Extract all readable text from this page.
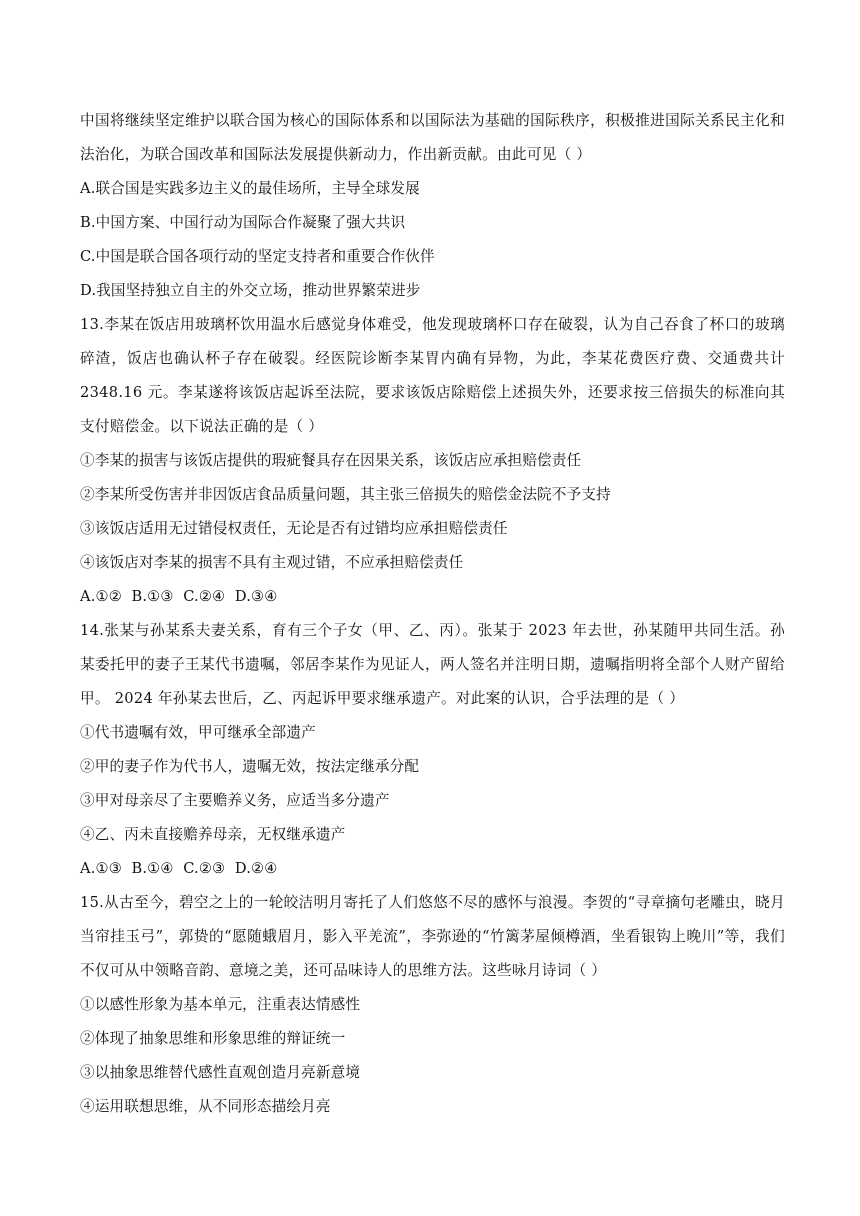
中国将继续坚定维护以联合国为核心的国际体系和以国际法为基础的国际秩序，积极推进国际关系民主化和法治化，为联合国改革和国际法发展提供新动力，作出新贡献。由此可见（ ）
A.联合国是实践多边主义的最佳场所，主导全球发展
B.中国方案、中国行动为国际合作凝聚了强大共识
C.中国是联合国各项行动的坚定支持者和重要合作伙伴
D.我国坚持独立自主的外交立场，推动世界繁荣进步
13.李某在饭店用玻璃杯饮用温水后感觉身体难受，他发现玻璃杯口存在破裂，认为自己吞食了杯口的玻璃碎渣，饭店也确认杯子存在破裂。经医院诊断李某胃内确有异物，为此，李某花费医疗费、交通费共计 2348.16 元。李某遂将该饭店起诉至法院，要求该饭店除赔偿上述损失外，还要求按三倍损失的标准向其支付赔偿金。以下说法正确的是（ ）
①李某的损害与该饭店提供的瑕疵餐具存在因果关系，该饭店应承担赔偿责任
②李某所受伤害并非因饭店食品质量问题，其主张三倍损失的赔偿金法院不予支持
③该饭店适用无过错侵权责任，无论是否有过错均应承担赔偿责任
④该饭店对李某的损害不具有主观过错，不应承担赔偿责任
A.①②  B.①③  C.②④  D.③④
14.张某与孙某系夫妻关系，育有三个子女（甲、乙、丙）。张某于 2023 年去世，孙某随甲共同生活。孙某委托甲的妻子王某代书遗嘱，邻居李某作为见证人，两人签名并注明日期，遗嘱指明将全部个人财产留给甲。 2024 年孙某去世后，乙、丙起诉甲要求继承遗产。对此案的认识，合乎法理的是（ ）
①代书遗嘱有效，甲可继承全部遗产
②甲的妻子作为代书人，遗嘱无效，按法定继承分配
③甲对母亲尽了主要赡养义务，应适当多分遗产
④乙、丙未直接赡养母亲，无权继承遗产
A.①③  B.①④  C.②③  D.②④
15.从古至今，碧空之上的一轮皎洁明月寄托了人们悠悠不尽的感怀与浪漫。李贺的“寻章摘句老雕虫，晓月当帘挂玉弓”，郭贽的“愿随蛾眉月，影入平羌流”，李弥逊的“竹篱茅屋倾樽酒，坐看银钩上晚川”等，我们不仅可从中领略音韵、意境之美，还可品味诗人的思维方法。这些咏月诗词（ ）
①以感性形象为基本单元，注重表达情感性
②体现了抽象思维和形象思维的辩证统一
③以抽象思维替代感性直观创造月亮新意境
④运用联想思维，从不同形态描绘月亮
